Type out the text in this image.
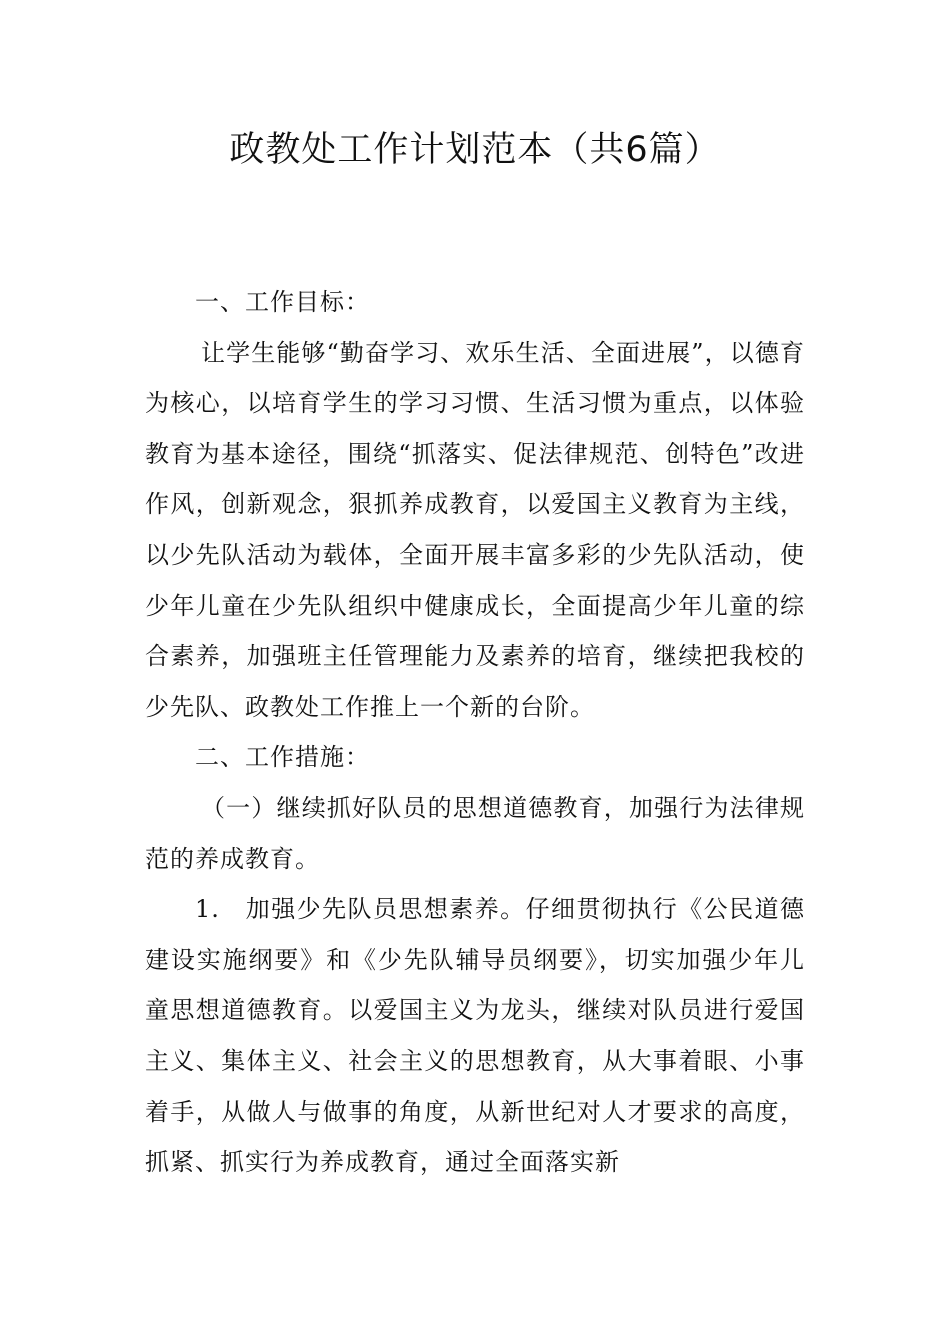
政教处工作计划范本（共6篇）

一、工作目标：

让学生能够“勤奋学习、欢乐生活、全面进展”，以德育为核心，以培育学生的学习习惯、生活习惯为重点，以体验教育为基本途径，围绕“抓落实、促法律规范、创特色”改进作风，创新观念，狠抓养成教育，以爱国主义教育为主线，以少先队活动为载体，全面开展丰富多彩的少先队活动，使少年儿童在少先队组织中健康成长，全面提高少年儿童的综合素养，加强班主任管理能力及素养的培育，继续把我校的少先队、政教处工作推上一个新的台阶。

二、工作措施：

（一）继续抓好队员的思想道德教育，加强行为法律规范的养成教育。

1.　加强少先队员思想素养。仔细贯彻执行《公民道德建设实施纲要》和《少先队辅导员纲要》，切实加强少年儿童思想道德教育。以爱国主义为龙头，继续对队员进行爱国主义、集体主义、社会主义的思想教育，从大事着眼、小事着手，从做人与做事的角度，从新世纪对人才要求的高度，抓紧、抓实行为养成教育，通过全面落实新
